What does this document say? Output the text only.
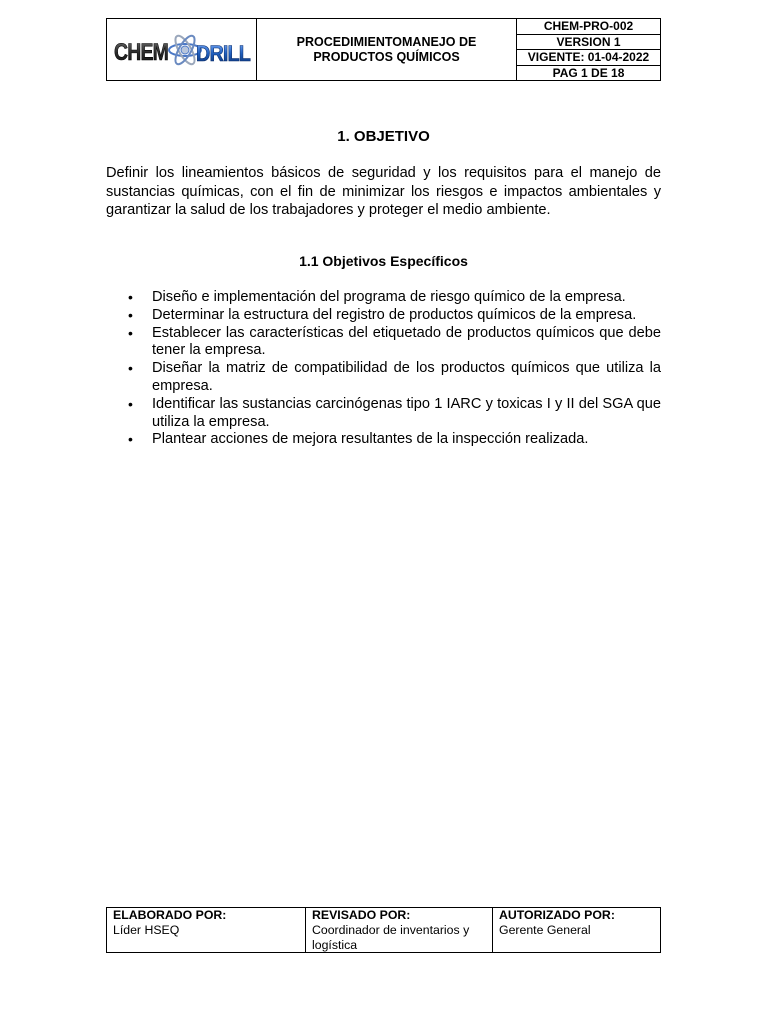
CHEM DRILL	PROCEDIMIENTOMANEJO DE PRODUCTOS QUÍMICOS
CHEM-PRO-002
VERSION 1
VIGENTE: 01-04-2022
PAG 1 DE 18
1. OBJETIVO

Definir los lineamientos básicos de seguridad y los requisitos para el manejo de sustancias químicas, con el fin de minimizar los riesgos e impactos ambientales y garantizar la salud de los trabajadores y proteger el medio ambiente.

1.1 Objetivos Específicos
• Diseño e implementación del programa de riesgo químico de la empresa.
• Determinar la estructura del registro de productos químicos de la empresa.
• Establecer las características del etiquetado de productos químicos que debe tener la empresa.
• Diseñar la matriz de compatibilidad de los productos químicos que utiliza la empresa.
• Identificar las sustancias carcinógenas tipo 1 IARC y toxicas I y II del SGA que utiliza la empresa.
• Plantear acciones de mejora resultantes de la inspección realizada.
ELABORADO POR:
Líder HSEQ
REVISADO POR:
Coordinador de inventarios y logística
AUTORIZADO POR:
Gerente General
